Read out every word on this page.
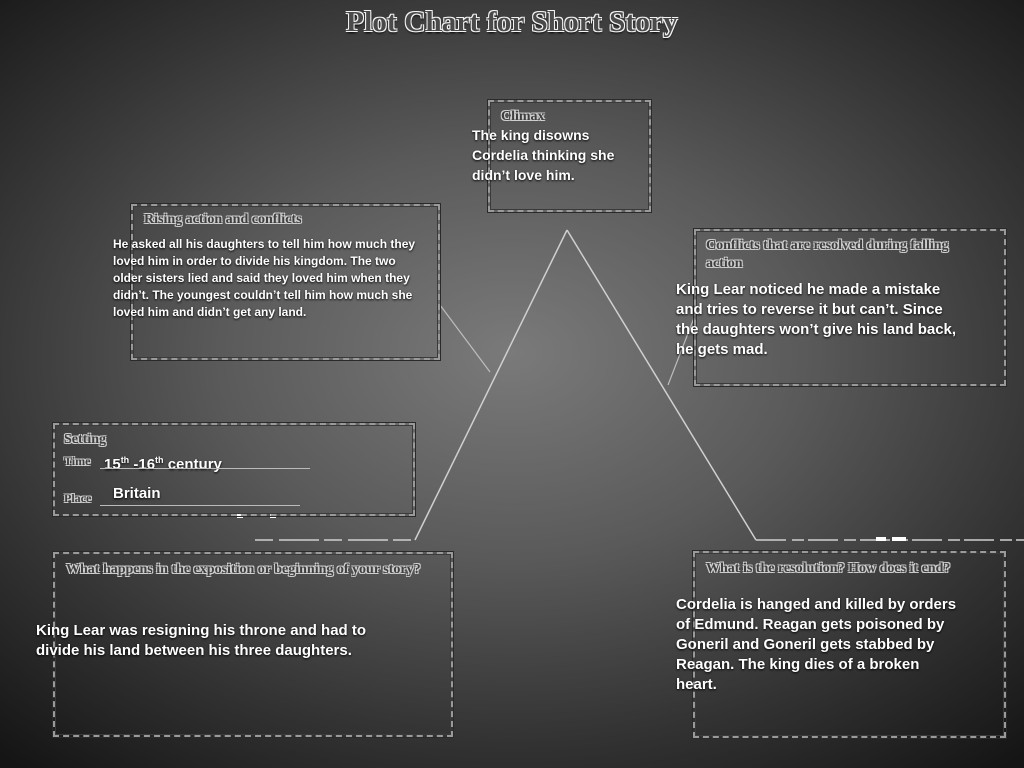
Plot Chart for Short Story
Climax
The king disowns Cordelia thinking she didn’t love him.
Rising action and conflicts
He asked all his daughters to tell him how much they loved him in order to divide his kingdom. The two older sisters lied and said they loved him when they didn’t. The youngest couldn’t tell him how much she loved him and didn’t get any land.
Conflicts that are resolved during falling action
King Lear noticed he made a mistake and tries to reverse it but can’t. Since the daughters won’t give his land back, he gets mad.
Setting
Time 15th -16th century
Place Britain
What happens in the exposition or beginning of your story?
King Lear was resigning his throne and had to divide his land between his three daughters.
What is the resolution? How does it end?
Cordelia is hanged and killed by orders of Edmund. Reagan gets poisoned by Goneril and Goneril gets stabbed by Reagan. The king dies of a broken heart.
